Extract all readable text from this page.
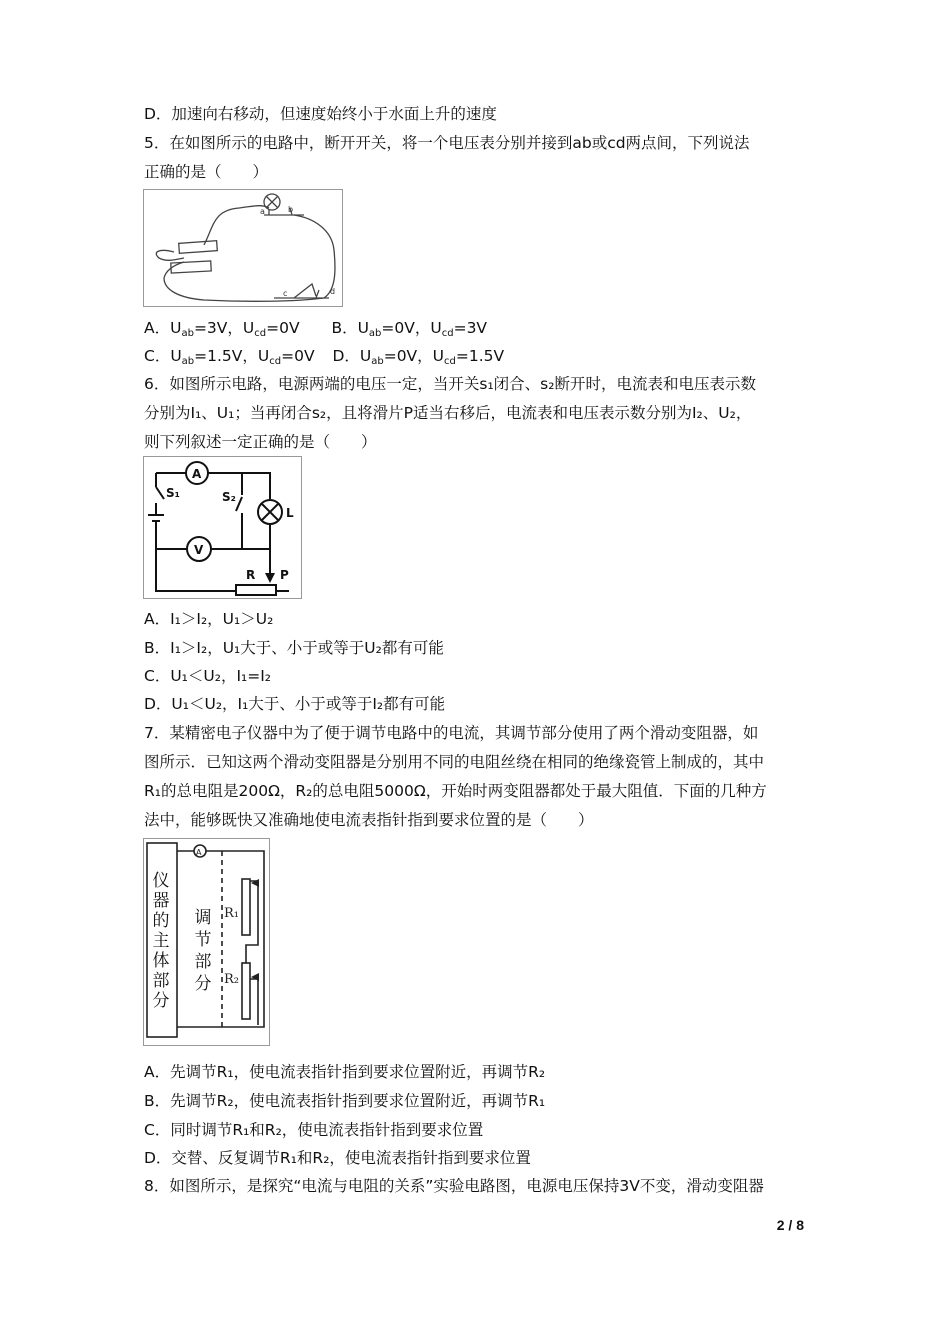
D．加速向右移动，但速度始终小于水面上升的速度
5．在如图所示的电路中，断开开关，将一个电压表分别并接到ab或cd两点间，下列说法
正确的是（　　）
a	b
c	d
A．$U_{ab}=3V$，$U_{cd}=0V$ B．$U_{ab}=0V$，$U_{cd}=3V$
C．$U_{ab}=1.5V$，$U_{cd}=0V$ D．$U_{ab}=0V$，$U_{cd}=1.5V$
6．如图所示电路，电源两端的电压一定，当开关s₁闭合、s₂断开时，电流表和电压表示数
分别为I₁、U₁；当再闭合s₂，且将滑片P适当右移后，电流表和电压表示数分别为I₂、U₂，
则下列叙述一定正确的是（　　）
A
S₁	S₂
L
V
R P
A．I₁＞I₂，U₁＞U₂
B．I₁＞I₂，U₁大于、小于或等于U₂都有可能
C．U₁＜U₂，I₁=I₂
D．U₁＜U₂，I₁大于、小于或等于I₂都有可能
7．某精密电子仪器中为了便于调节电路中的电流，其调节部分使用了两个滑动变阻器，如
图所示．已知这两个滑动变阻器是分别用不同的电阻丝绕在相同的绝缘瓷管上制成的，其中
R₁的总电阻是200Ω，R₂的总电阻5000Ω，开始时两变阻器都处于最大阻值．下面的几种方
法中，能够既快又准确地使电流表指针指到要求位置的是（　　）
A
R₁
R₂
仪器的主体部分
调节部分
A．先调节R₁，使电流表指针指到要求位置附近，再调节R₂
B．先调节R₂，使电流表指针指到要求位置附近，再调节R₁
C．同时调节R₁和R₂，使电流表指针指到要求位置
D．交替、反复调节R₁和R₂，使电流表指针指到要求位置
8．如图所示，是探究“电流与电阻的关系”实验电路图，电源电压保持3V不变，滑动变阻器
2 / 8
